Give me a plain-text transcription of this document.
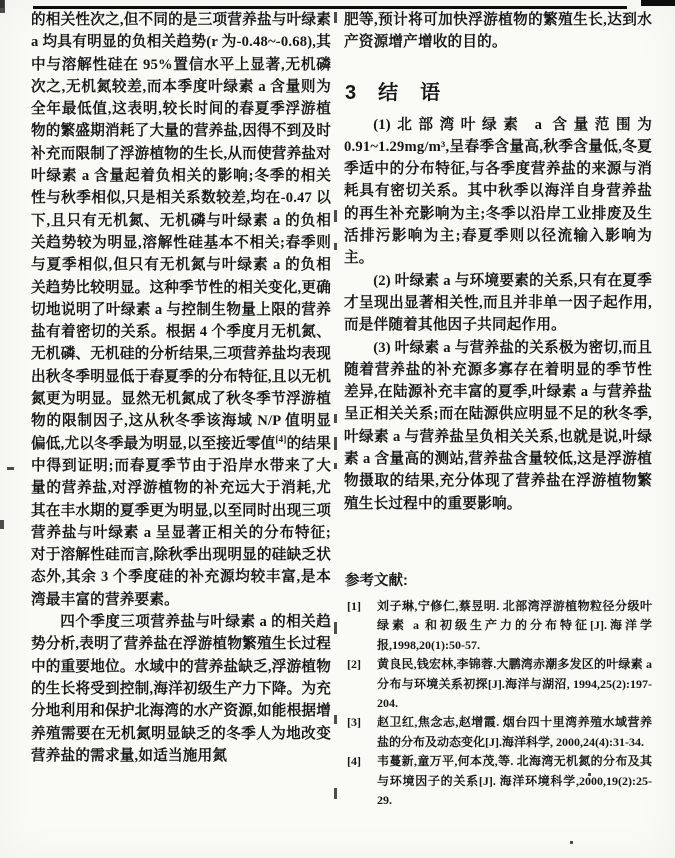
的相关性次之,但不同的是三项营养盐与叶绿素 a 均具有明显的负相关趋势(r 为-0.48~-0.68),其中与溶解性硅在 95%置信水平上显著,无机磷次之,无机氮较差,而本季度叶绿素 a 含量则为全年最低值,这表明,较长时间的春夏季浮游植物的繁盛期消耗了大量的营养盐,因得不到及时补充而限制了浮游植物的生长,从而使营养盐对叶绿素 a 含量起着负相关的影响;冬季的相关性与秋季相似,只是相关系数较差,均在-0.47 以下,且只有无机氮、无机磷与叶绿素 a 的负相关趋势较为明显,溶解性硅基本不相关;春季则与夏季相似,但只有无机氮与叶绿素 a 的负相关趋势比较明显。这种季节性的相关变化,更确切地说明了叶绿素 a 与控制生物量上限的营养盐有着密切的关系。根据 4 个季度月无机氮、无机磷、无机硅的分析结果,三项营养盐均表现出秋冬季明显低于春夏季的分布特征,且以无机氮更为明显。显然无机氮成了秋冬季节浮游植物的限制因子,这从秋冬季该海域 N/P 值明显偏低,尤以冬季最为明显,以至接近零值[4]的结果中得到证明;而春夏季节由于沿岸水带来了大量的营养盐,对浮游植物的补充远大于消耗,尤其在丰水期的夏季更为明显,以至同时出现三项营养盐与叶绿素 a 呈显著正相关的分布特征;对于溶解性硅而言,除秋季出现明显的硅缺乏状态外,其余 3 个季度硅的补充源均较丰富,是本湾最丰富的营养要素。

四个季度三项营养盐与叶绿素 a 的相关趋势分析,表明了营养盐在浮游植物繁殖生长过程中的重要地位。水域中的营养盐缺乏,浮游植物的生长将受到控制,海洋初级生产力下降。为充分地利用和保护北海湾的水产资源,如能根据增养殖需要在无机氮明显缺乏的冬季人为地改变营养盐的需求量,如适当施用氮

肥等,预计将可加快浮游植物的繁殖生长,达到水产资源增产增收的目的。

3　结　语

(1)北部湾叶绿素 a 含量范围为 0.91~1.29mg/m³,呈春季含量高,秋季含量低,冬夏季适中的分布特征,与各季度营养盐的来源与消耗具有密切关系。其中秋季以海洋自身营养盐的再生补充影响为主;冬季以沿岸工业排废及生活排污影响为主;春夏季则以径流输入影响为主。

(2) 叶绿素 a 与环境要素的关系,只有在夏季才呈现出显著相关性,而且并非单一因子起作用,而是伴随着其他因子共同起作用。

(3) 叶绿素 a 与营养盐的关系极为密切,而且随着营养盐的补充源多寡存在着明显的季节性差异,在陆源补充丰富的夏季,叶绿素 a 与营养盐呈正相关关系;而在陆源供应明显不足的秋冬季,叶绿素 a 与营养盐呈负相关关系,也就是说,叶绿素 a 含量高的测站,营养盐含量较低,这是浮游植物摄取的结果,充分体现了营养盐在浮游植物繁殖生长过程中的重要影响。

参考文献:
[1]	刘子琳,宁修仁,蔡昱明. 北部湾浮游植物粒径分级叶绿素 a 和初级生产力的分布特征[J].海洋学报,1998,20(1):50-57.
[2]	黄良民,钱宏林,李锦蓉.大鹏湾赤潮多发区的叶绿素 a 分布与环境关系初探[J].海洋与湖沼, 1994,25(2):197-204.
[3]	赵卫红,焦念志,赵增霞. 烟台四十里湾养殖水域营养盐的分布及动态变化[J].海洋科学, 2000,24(4):31-34.
[4]	韦蔓新,童万平,何本茂,等. 北海湾无机氮的分布及其与环境因子的关系[J]. 海洋环境科学,2000,19(2):25-29.
